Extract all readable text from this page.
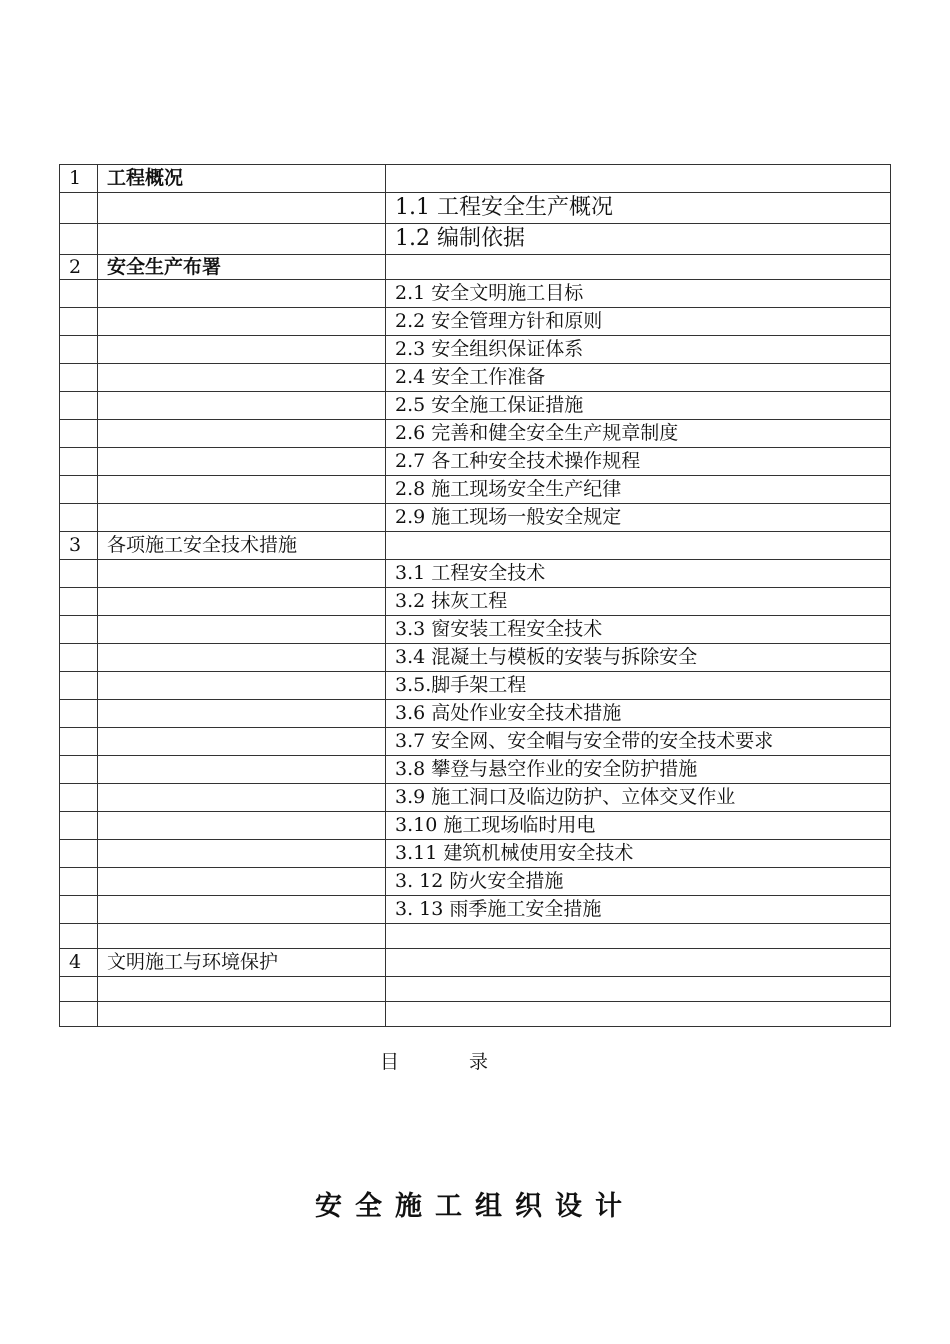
1	工程概况	
		1.1 工程安全生产概况
		1.2 编制依据
2	安全生产布署	
		2.1 安全文明施工目标
		2.2 安全管理方针和原则
		2.3 安全组织保证体系
		2.4 安全工作准备
		2.5 安全施工保证措施
		2.6 完善和健全安全生产规章制度
		2.7 各工种安全技术操作规程
		2.8 施工现场安全生产纪律
		2.9 施工现场一般安全规定
3	各项施工安全技术措施	
		3.1 工程安全技术
		3.2 抹灰工程
		3.3 窗安装工程安全技术
		3.4 混凝土与模板的安装与拆除安全
		3.5.脚手架工程
		3.6 高处作业安全技术措施
		3.7 安全网、安全帽与安全带的安全技术要求
		3.8 攀登与悬空作业的安全防护措施
		3.9 施工洞口及临边防护、立体交叉作业
		3.10 施工现场临时用电
		3.11 建筑机械使用安全技术
		3. 12 防火安全措施
		3. 13 雨季施工安全措施

4	文明施工与环境保护	

目	录
安全施工组织设计
